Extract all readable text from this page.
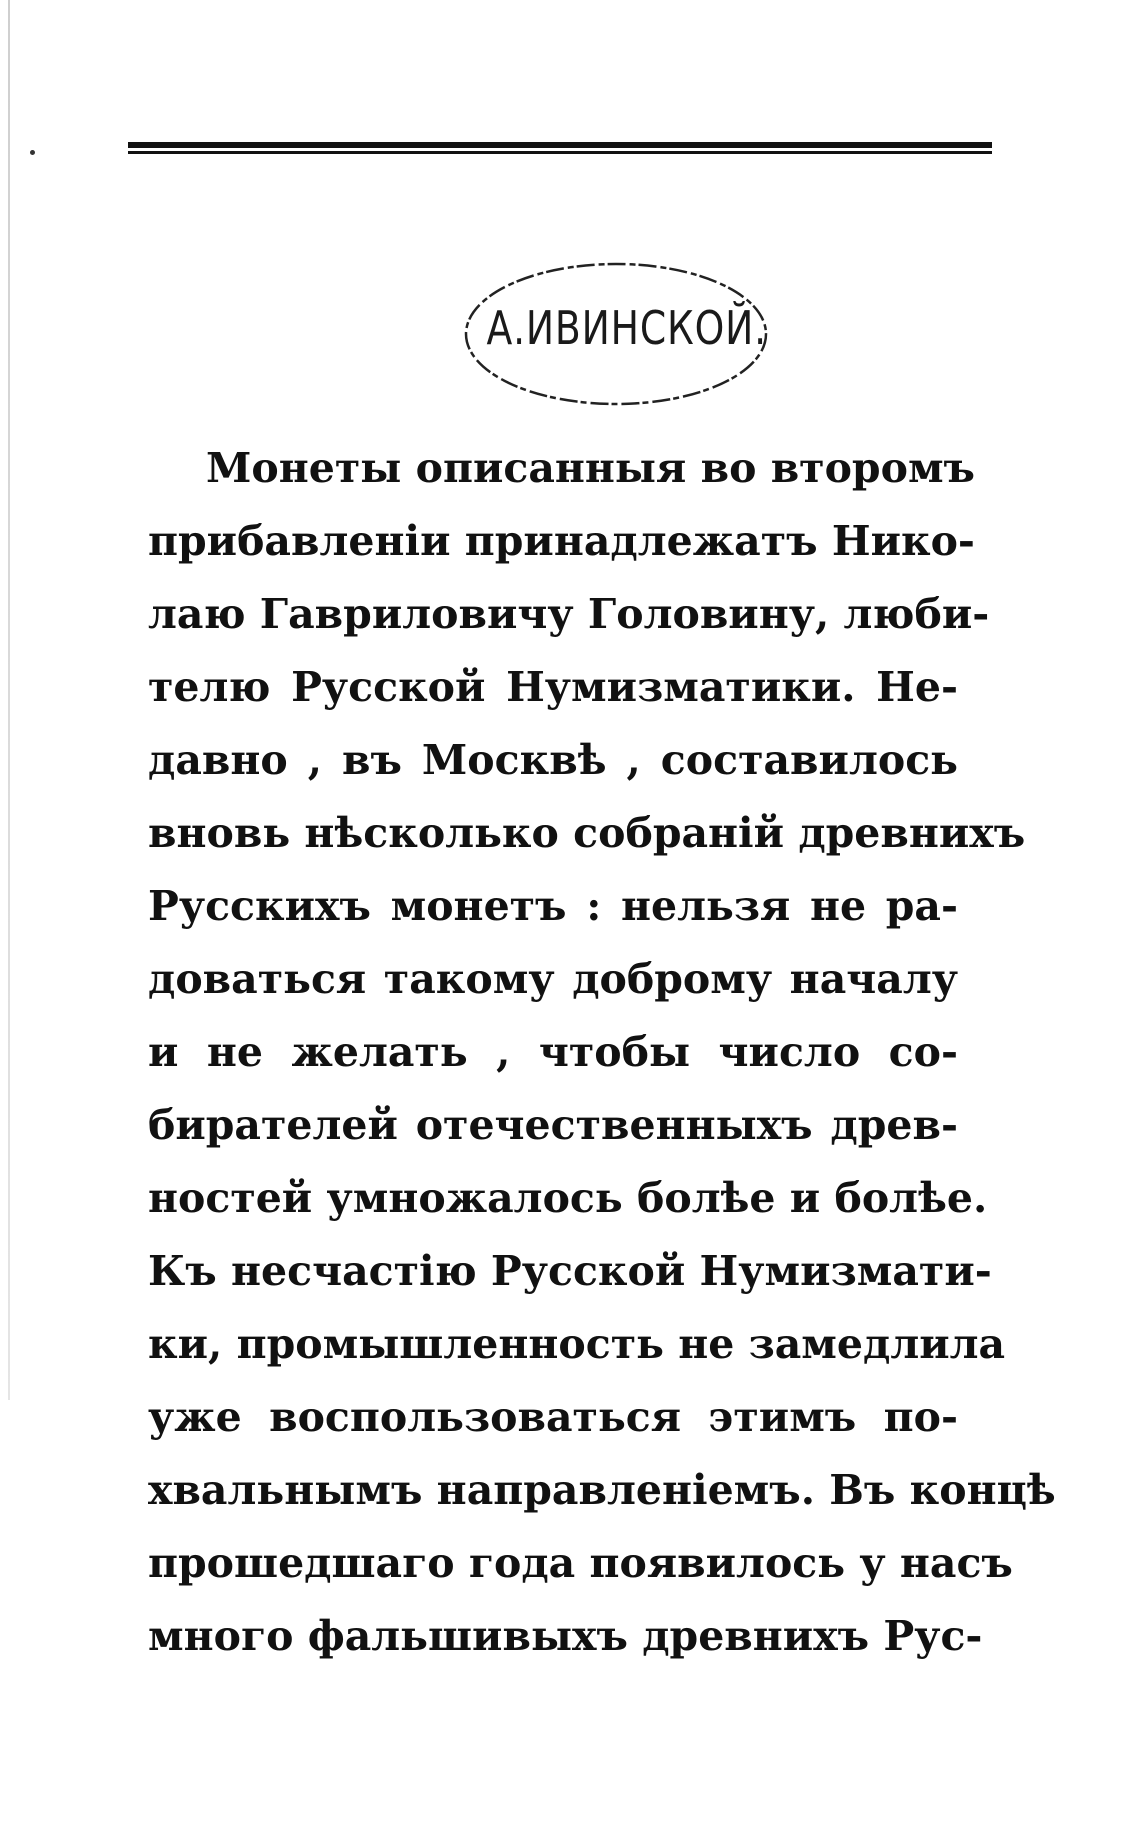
А.ИВИНСКОЙ.
Монеты описанныя во второмъ
прибавленіи принадлежатъ Нико-
лаю Гавриловичу Головину, люби-
телю Русской Нумизматики. Не-
давно , въ Москвѣ , составилось
вновь нѣсколько собраній древнихъ
Русскихъ монетъ : нельзя не ра-
доваться такому доброму началу
и не желать , чтобы число со-
бирателей отечественныхъ древ-
ностей умножалось болѣе и болѣе.
Къ несчастію Русской Нумизмати-
ки, промышленность не замедлила
уже воспользоваться этимъ по-
хвальнымъ направленіемъ. Въ концѣ
прошедшаго года появилось у насъ
много фальшивыхъ древнихъ Рус-
